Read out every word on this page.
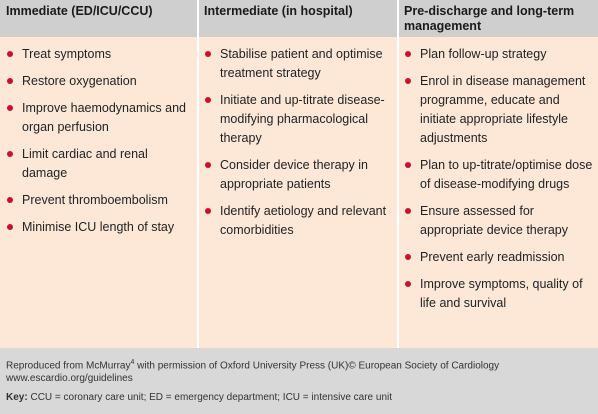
Immediate (ED/ICU/CCU)	Intermediate (in hospital)	Pre-discharge and long-term management
Treat symptoms
Restore oxygenation
Improve haemodynamics and organ perfusion
Limit cardiac and renal damage
Prevent thromboembolism
Minimise ICU length of stay
Stabilise patient and optimise treatment strategy
Initiate and up-titrate disease-modifying pharmacological therapy
Consider device therapy in appropriate patients
Identify aetiology and relevant comorbidities
Plan follow-up strategy
Enrol in disease management programme, educate and initiate appropriate lifestyle adjustments
Plan to up-titrate/optimise dose of disease-modifying drugs
Ensure assessed for appropriate device therapy
Prevent early readmission
Improve symptoms, quality of life and survival

Reproduced from McMurray$^4$ with permission of Oxford University Press (UK)© European Society of Cardiology

www.escardio.org/guidelines

Key: CCU = coronary care unit; ED = emergency department; ICU = intensive care unit
